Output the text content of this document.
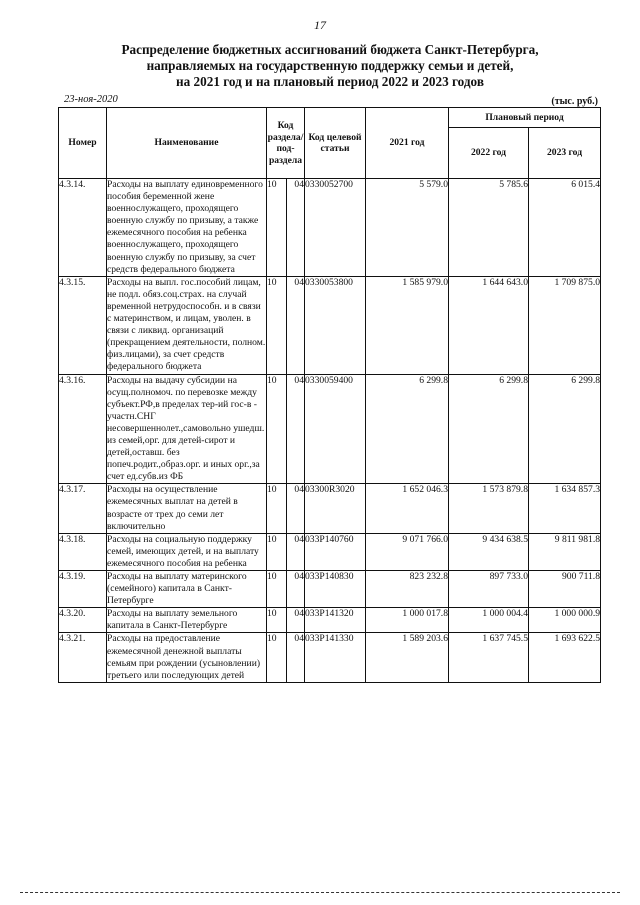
17
Распределение бюджетных ассигнований бюджета Санкт-Петербурга,
направляемых на государственную поддержку семьи и детей,
на 2021 год и на плановый период 2022 и 2023 годов
23-ноя-2020	(тыс. руб.)
Номер	Наименование	Код раздела/ под-раздела		Код целевой статьи	2021 год	Плановый период	
						2022 год	2023 год
4.3.14.	Расходы на выплату единовременного пособия беременной жене военнослужащего, проходящего военную службу по призыву, а также ежемесячного пособия на ребенка военнослужащего, проходящего военную службу по призыву, за счет средств федерального бюджета	10	04	0330052700	5 579.0	5 785.6	6 015.4
4.3.15.	Расходы на выпл. гос.пособий лицам, не подл. обяз.соц.страх. на случай временной нетрудоспособн. и в связи с материнством, и лицам, уволен. в связи с ликвид. организаций (прекращением деятельности, полном. физ.лицами), за счет средств федерального бюджета	10	04	0330053800	1 585 979.0	1 644 643.0	1 709 875.0
4.3.16.	Расходы на выдачу субсидии на осущ.полномоч. по перевозке между субъект.РФ,в пределах тер-ий гос-в - участн.СНГ несовершеннолет.,самовольно ушедш. из семей,орг. для детей-сирот и детей,оставш. без попеч.родит.,образ.орг. и иных орг.,за счет ед.субв.из ФБ	10	04	0330059400	6 299.8	6 299.8	6 299.8
4.3.17.	Расходы на осуществление ежемесячных выплат на детей в возрасте от трех до семи лет включительно	10	04	03300R3020	1 652 046.3	1 573 879.8	1 634 857.3
4.3.18.	Расходы на социальную поддержку семей, имеющих детей, и на выплату ежемесячного пособия на ребенка	10	04	033P140760	9 071 766.0	9 434 638.5	9 811 981.8
4.3.19.	Расходы на выплату материнского (семейного) капитала в Санкт-Петербурге	10	04	033P140830	823 232.8	897 733.0	900 711.8
4.3.20.	Расходы на выплату земельного капитала в Санкт-Петербурге	10	04	033P141320	1 000 017.8	1 000 004.4	1 000 000.9
4.3.21.	Расходы на предоставление ежемесячной денежной выплаты семьям при рождении (усыновлении) третьего или последующих детей	10	04	033P141330	1 589 203.6	1 637 745.5	1 693 622.5
